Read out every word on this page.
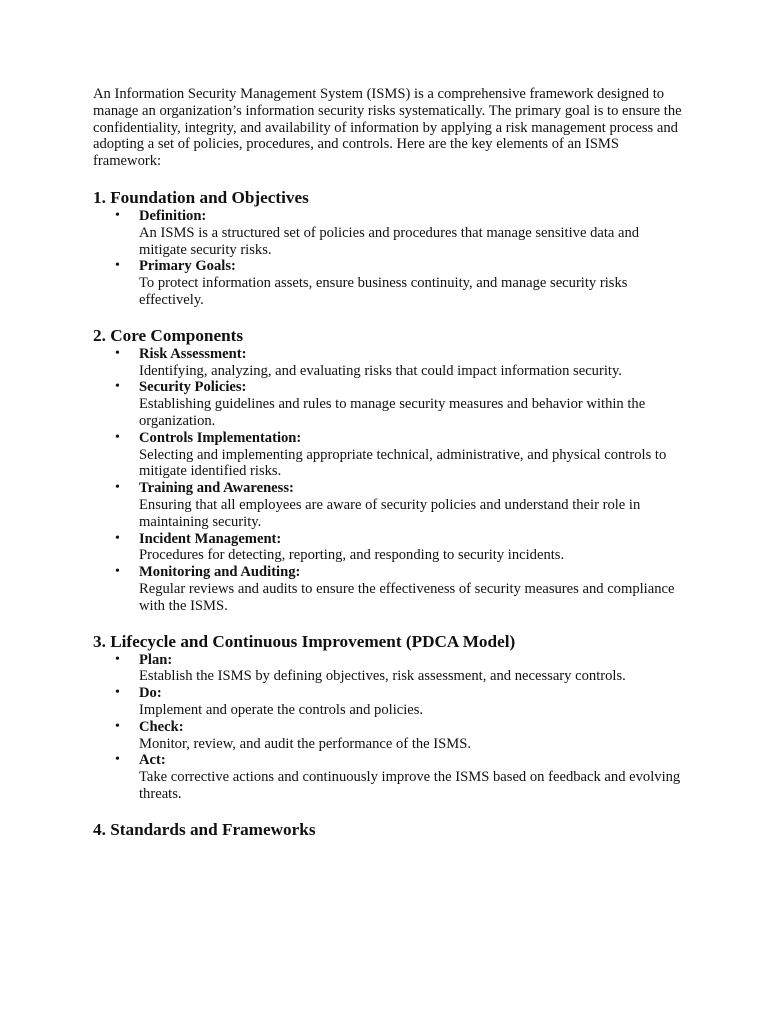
An Information Security Management System (ISMS) is a comprehensive framework designed to manage an organization’s information security risks systematically. The primary goal is to ensure the confidentiality, integrity, and availability of information by applying a risk management process and adopting a set of policies, procedures, and controls. Here are the key elements of an ISMS framework:

1. Foundation and Objectives
• Definition:
An ISMS is a structured set of policies and procedures that manage sensitive data and mitigate security risks.
• Primary Goals:
To protect information assets, ensure business continuity, and manage security risks effectively.
2. Core Components
• Risk Assessment:
Identifying, analyzing, and evaluating risks that could impact information security.
• Security Policies:
Establishing guidelines and rules to manage security measures and behavior within the organization.
• Controls Implementation:
Selecting and implementing appropriate technical, administrative, and physical controls to mitigate identified risks.
• Training and Awareness:
Ensuring that all employees are aware of security policies and understand their role in maintaining security.
• Incident Management:
Procedures for detecting, reporting, and responding to security incidents.
• Monitoring and Auditing:
Regular reviews and audits to ensure the effectiveness of security measures and compliance with the ISMS.
3. Lifecycle and Continuous Improvement (PDCA Model)
• Plan:
Establish the ISMS by defining objectives, risk assessment, and necessary controls.
• Do:
Implement and operate the controls and policies.
• Check:
Monitor, review, and audit the performance of the ISMS.
• Act:
Take corrective actions and continuously improve the ISMS based on feedback and evolving threats.
4. Standards and Frameworks
